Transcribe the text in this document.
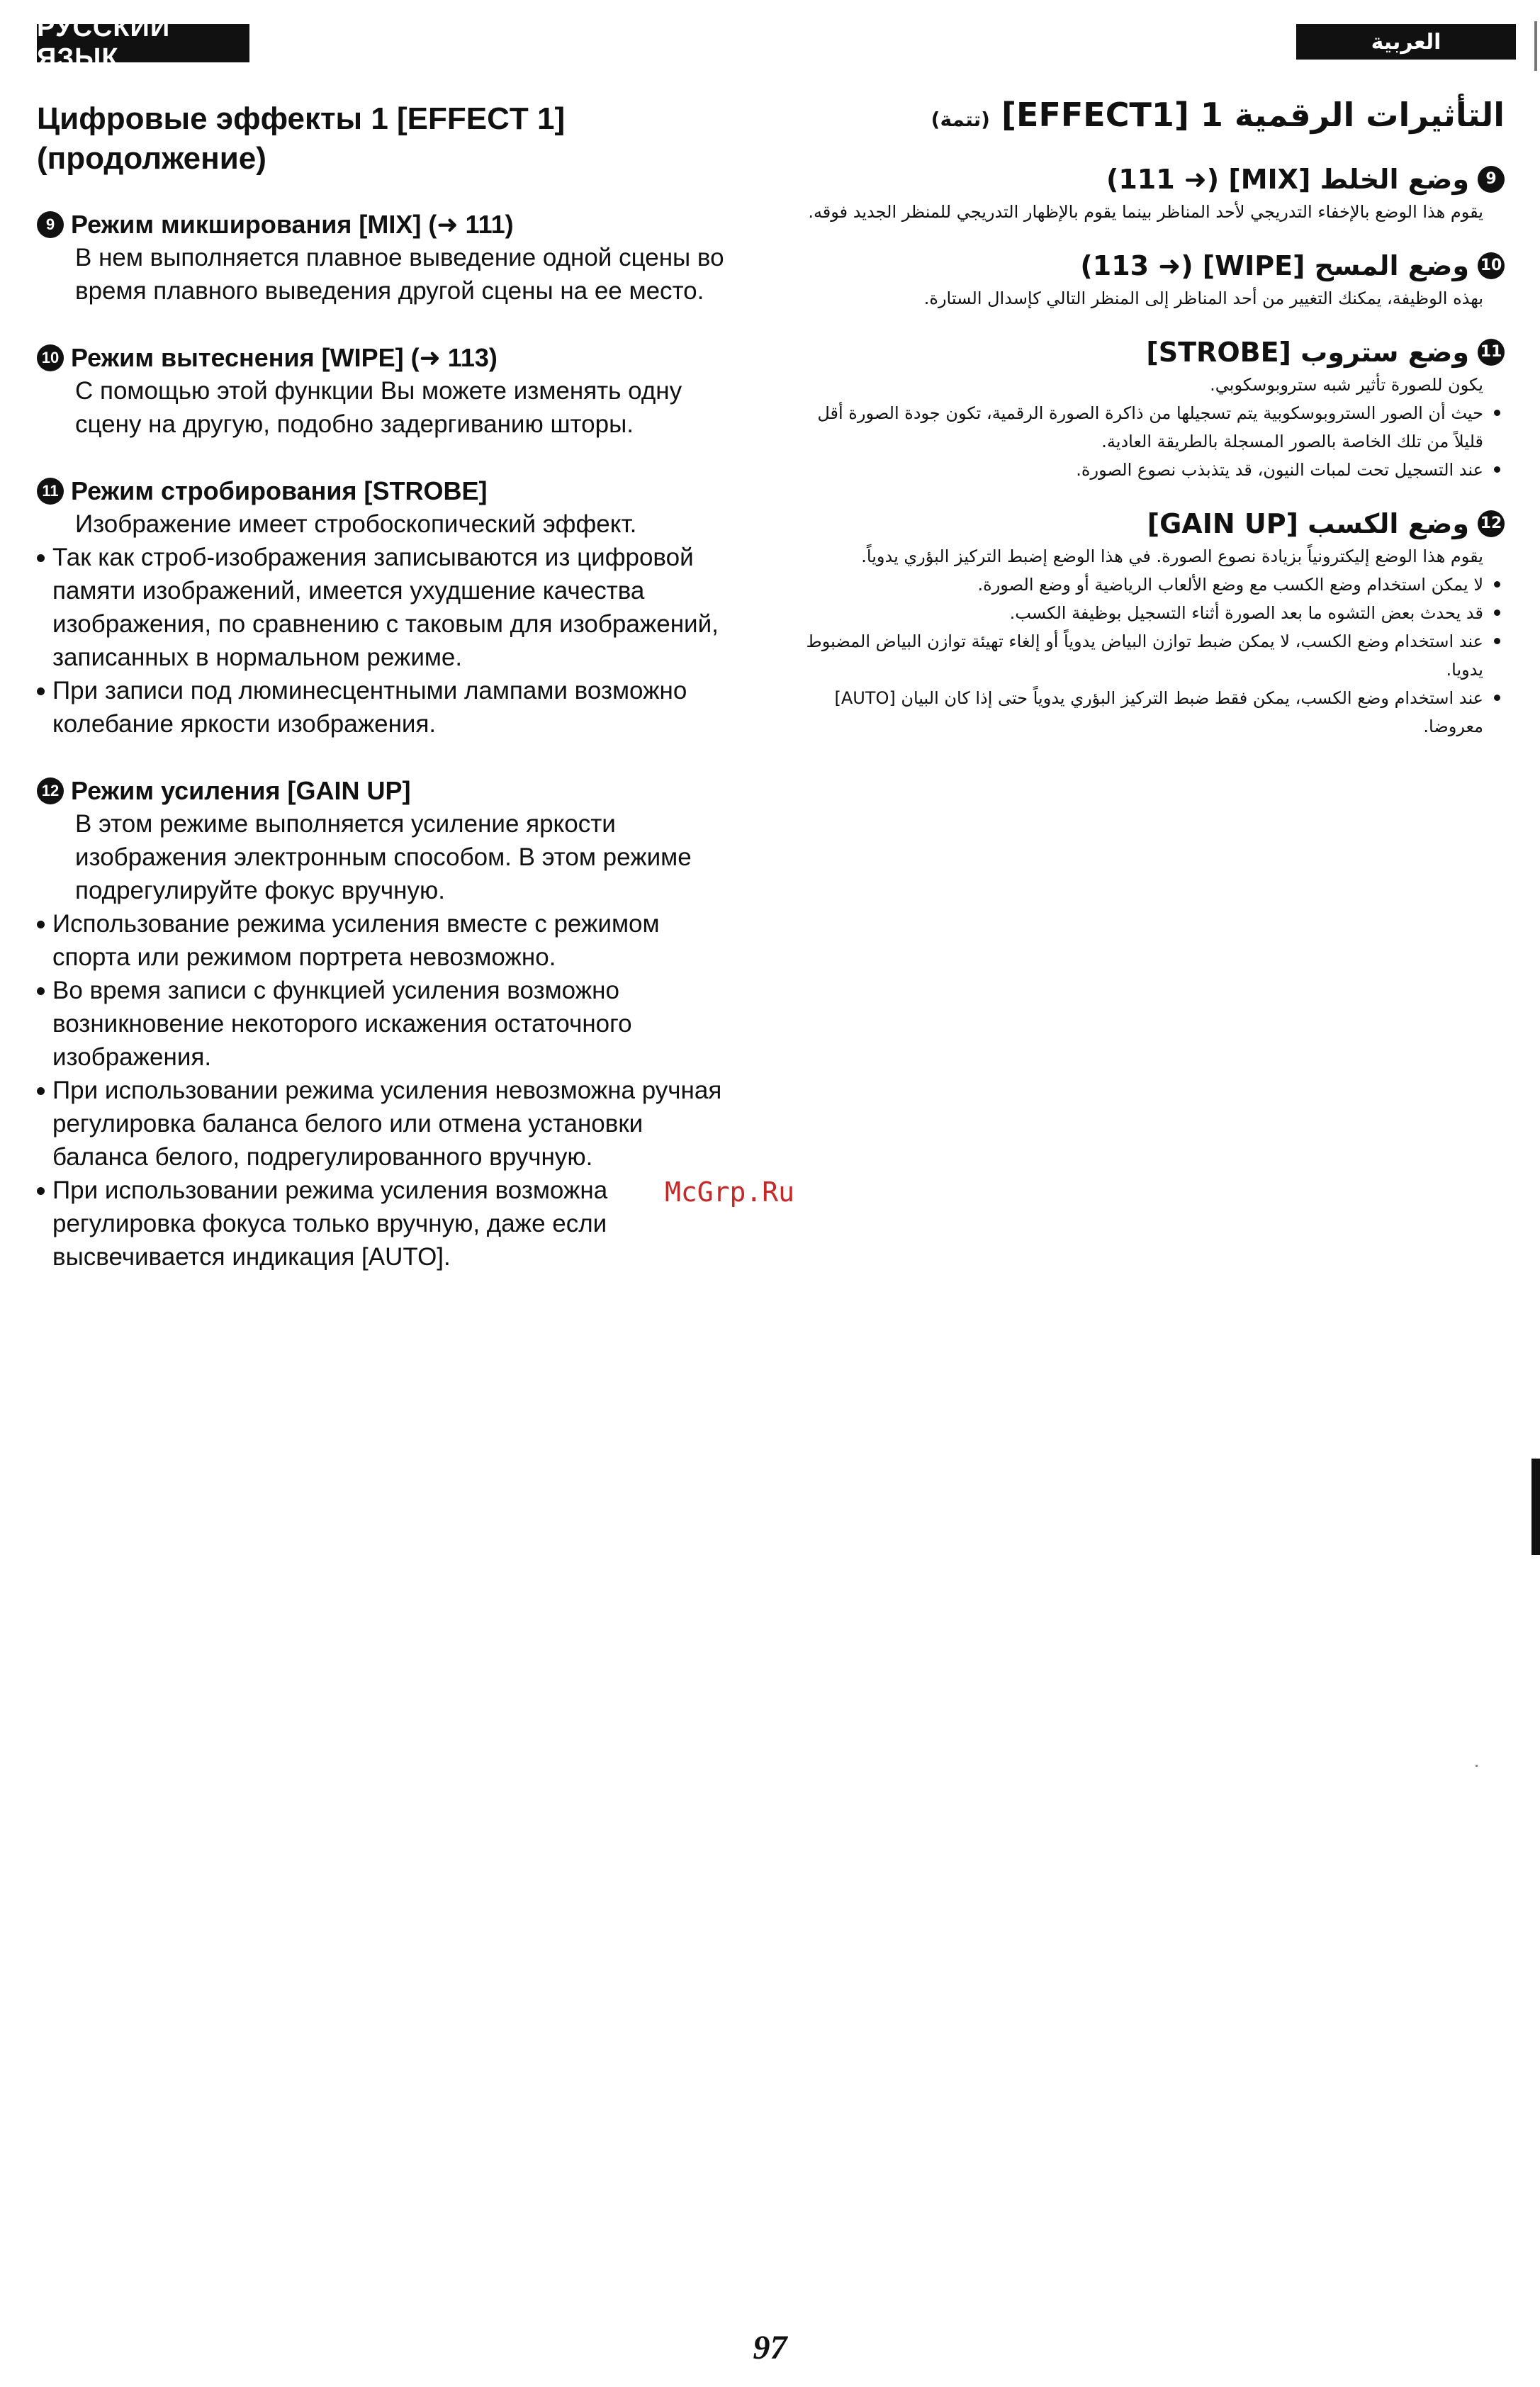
РУССКИЙ ЯЗЫК
العربية
Цифровые эффекты 1 [EFFECT 1] (продолжение)
9 Режим микширования [MIX] (➜ 111)
В нем выполняется плавное выведение одной сцены во время плавного выведения другой сцены на ее место.
10 Режим вытеснения [WIPE] (➜ 113)
С помощью этой функции Вы можете изменять одну сцену на другую, подобно задергиванию шторы.
11 Режим стробирования [STROBE]
Изображение имеет стробоскопический эффект.
Так как строб-изображения записываются из цифровой памяти изображений, имеется ухудшение качества изображения, по сравнению с таковым для изображений, записанных в нормальном режиме.
При записи под люминесцентными лампами возможно колебание яркости изображения.
12 Режим усиления [GAIN UP]
В этом режиме выполняется усиление яркости изображения электронным способом. В этом режиме подрегулируйте фокус вручную.
Использование режима усиления вместе с режимом спорта или режимом портрета невозможно.
Во время записи с функцией усиления возможно возникновение некоторого искажения остаточного изображения.
При использовании режима усиления невозможна ручная регулировка баланса белого или отмена установки баланса белого, подрегулированного вручную.
При использовании режима усиления возможна регулировка фокуса только вручную, даже если высвечивается индикация [AUTO].
التأثيرات الرقمية 1 [EFFECT1] (تتمة)
9
وضع الخلط [MIX] (➜ 111)
يقوم هذا الوضع بالإخفاء التدريجي لأحد المناظر بينما يقوم بالإظهار التدريجي للمنظر الجديد فوقه.
10
وضع المسح [WIPE] (➜ 113)
بهذه الوظيفة، يمكنك التغيير من أحد المناظر إلى المنظر التالي كإسدال الستارة.
11
وضع ستروب [STROBE]
يكون للصورة تأثير شبه ستروبوسكوبي.
حيث أن الصور الستروبوسكوبية يتم تسجيلها من ذاكرة الصورة الرقمية، تكون جودة الصورة أقل قليلاً من تلك الخاصة بالصور المسجلة بالطريقة العادية.
عند التسجيل تحت لمبات النيون، قد يتذبذب نصوع الصورة.
12
وضع الكسب [GAIN UP]
يقوم هذا الوضع إليكترونياً بزيادة نصوع الصورة. في هذا الوضع إضبط التركيز البؤري يدوياً.
لا يمكن استخدام وضع الكسب مع وضع الألعاب الرياضية أو وضع الصورة.
قد يحدث بعض التشوه ما بعد الصورة أثناء التسجيل بوظيفة الكسب.
عند استخدام وضع الكسب، لا يمكن ضبط توازن البياض يدوياً أو إلغاء تهيئة توازن البياض المضبوط يدويا.
عند استخدام وضع الكسب، يمكن فقط ضبط التركيز البؤري يدوياً حتى إذا كان البيان [AUTO] معروضا.
McGrp.Ru
97
